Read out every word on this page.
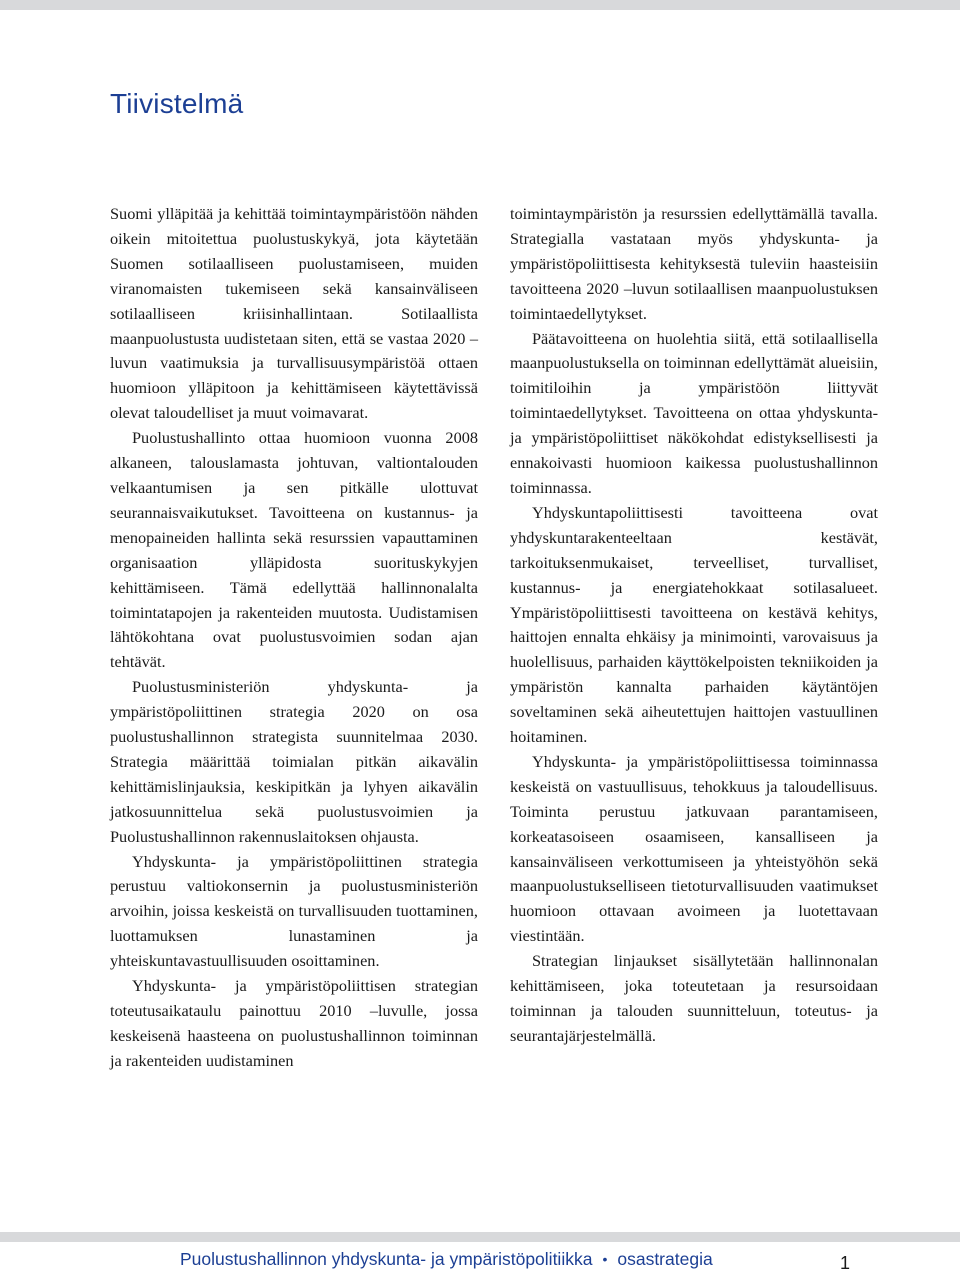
Tiivistelmä

Suomi ylläpitää ja kehittää toimintaympäristöön nähden oikein mitoitettua puolustuskykyä, jota käytetään Suomen sotilaalliseen puolustamiseen, muiden viranomaisten tukemiseen sekä kansainväliseen sotilaalliseen kriisinhallintaan. Sotilaallista maanpuolustusta uudistetaan siten, että se vastaa 2020 –luvun vaatimuksia ja turvallisuusympäristöä ottaen huomioon ylläpitoon ja kehittämiseen käytettävissä olevat taloudelliset ja muut voimavarat.

Puolustushallinto ottaa huomioon vuonna 2008 alkaneen, talouslamasta johtuvan, valtiontalouden velkaantumisen ja sen pitkälle ulottuvat seurannaisvaikutukset. Tavoitteena on kustannus- ja menopaineiden hallinta sekä resurssien vapauttaminen organisaation ylläpidosta suorituskykyjen kehittämiseen. Tämä edellyttää hallinnonalalta toimintatapojen ja rakenteiden muutosta. Uudistamisen lähtökohtana ovat puolustusvoimien sodan ajan tehtävät.

Puolustusministeriön yhdyskunta- ja ympäristöpoliittinen strategia 2020 on osa puolustushallinnon strategista suunnitelmaa 2030. Strategia määrittää toimialan pitkän aikavälin kehittämislinjauksia, keskipitkän ja lyhyen aikavälin jatkosuunnittelua sekä puolustusvoimien ja Puolustushallinnon rakennuslaitoksen ohjausta.

Yhdyskunta- ja ympäristöpoliittinen strategia perustuu valtiokonsernin ja puolustusministeriön arvoihin, joissa keskeistä on turvallisuuden tuottaminen, luottamuksen lunastaminen ja yhteiskuntavastuullisuuden osoittaminen.

Yhdyskunta- ja ympäristöpoliittisen strategian toteutusaikataulu painottuu 2010 –luvulle, jossa keskeisenä haasteena on puolustushallinnon toiminnan ja rakenteiden uudistaminen

toimintaympäristön ja resurssien edellyttämällä tavalla. Strategialla vastataan myös yhdyskunta- ja ympäristöpoliittisesta kehityksestä tuleviin haasteisiin tavoitteena 2020 –luvun sotilaallisen maanpuolustuksen toimintaedellytykset.

Päätavoitteena on huolehtia siitä, että sotilaallisella maanpuolustuksella on toiminnan edellyttämät alueisiin, toimitiloihin ja ympäristöön liittyvät toimintaedellytykset. Tavoitteena on ottaa yhdyskunta- ja ympäristöpoliittiset näkökohdat edistyksellisesti ja ennakoivasti huomioon kaikessa puolustushallinnon toiminnassa.

Yhdyskuntapoliittisesti tavoitteena ovat yhdyskuntarakenteeltaan kestävät, tarkoituksenmukaiset, terveelliset, turvalliset, kustannus- ja energiatehokkaat sotilasalueet. Ympäristöpoliittisesti tavoitteena on kestävä kehitys, haittojen ennalta ehkäisy ja minimointi, varovaisuus ja huolellisuus, parhaiden käyttökelpoisten tekniikoiden ja ympäristön kannalta parhaiden käytäntöjen soveltaminen sekä aiheutettujen haittojen vastuullinen hoitaminen.

Yhdyskunta- ja ympäristöpoliittisessa toiminnassa keskeistä on vastuullisuus, tehokkuus ja taloudellisuus. Toiminta perustuu jatkuvaan parantamiseen, korkeatasoiseen osaamiseen, kansalliseen ja kansainväliseen verkottumiseen ja yhteistyöhön sekä maanpuolustukselliseen tietoturvallisuuden vaatimukset huomioon ottavaan avoimeen ja luotettavaan viestintään.

Strategian linjaukset sisällytetään hallinnonalan kehittämiseen, joka toteutetaan ja resursoidaan toiminnan ja talouden suunnitteluun, toteutus- ja seurantajärjestelmällä.

Puolustushallinnon yhdyskunta- ja ympäristöpolitiikka • osastrategia	1
